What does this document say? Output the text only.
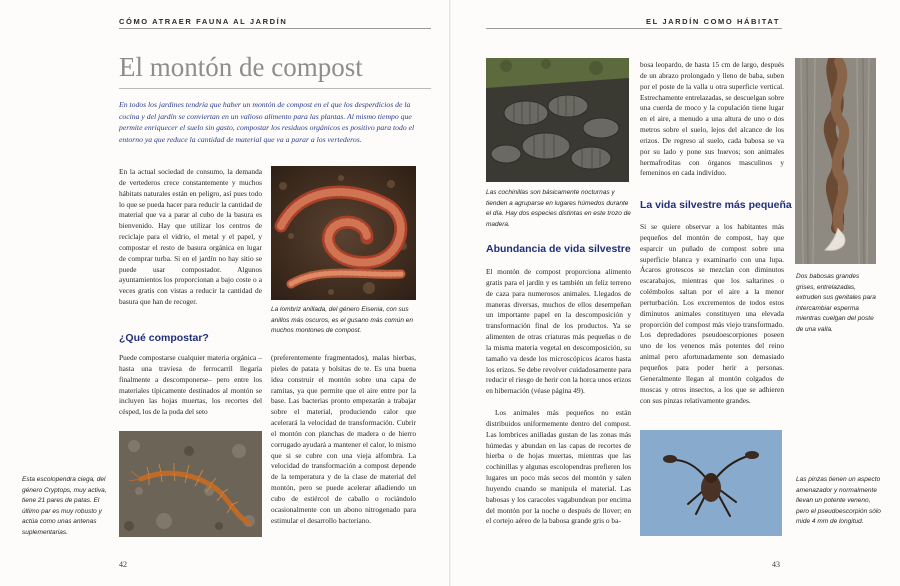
CÓMO ATRAER FAUNA AL JARDÍN	EL JARDÍN COMO HÁBITAT
El montón de compost

En todos los jardines tendría que haber un montón de compost en el que los desperdicios de la cocina y del jardín se conviertan en un valioso alimento para las plantas. Al mismo tiempo que permite enriquecer el suelo sin gasto, compostar los residuos orgánicos es positivo para todo el entorno ya que reduce la cantidad de material que va a parar a los vertederos.

En la actual sociedad de consumo, la demanda de vertederos crece constantemente y muchos hábitats naturales están en peligro, así pues todo lo que se pueda hacer para reducir la cantidad de material que va a parar al cubo de la basura es bienvenido. Hay que utilizar los centros de reciclaje para el vidrio, el metal y el papel, y compostar el resto de basura orgánica en lugar de comprar turba. Si en el jardín no hay sitio se puede usar compostador. Algunos ayuntamientos los proporcionan a bajo coste o a veces gratis con vistas a reducir la cantidad de basura que han de recoger.

¿Qué compostar?

Puede compostarse cualquier materia orgánica –hasta una traviesa de ferrocarril llegaría finalmente a descomponerse– pero entre los materiales típicamente destinados al montón se incluyen las hojas muertas, los recortes del césped, los de la poda del seto

(preferentemente fragmentados), malas hierbas, pieles de patata y bolsitas de te. Es una buena idea construir el montón sobre una capa de ramitas, ya que permite que el aire entre por la base. Las bacterias pronto empezarán a trabajar sobre el material, produciendo calor que acelerará la velocidad de transformación. Cubrir el montón con planchas de madera o de hierro corrugado ayudará a mantener el calor, lo mismo que si se cubre con una vieja alfombra. La velocidad de transformación a compost depende de la temperatura y de la clase de material del montón, pero se puede acelerar añadiendo un cubo de estiércol de caballo o rociándolo ocasionalmente con un abono nitrogenado para estimular el desarrollo bacteriano.

La lombriz anillada, del género Eisenia, con sus anillos más oscuros, es el gusano más común en muchos montones de compost.

Esta escolopendra ciega, del género Cryptops, muy activa, tiene 21 pares de patas. El último par es muy robusto y actúa como unas antenas suplementarias.

42

Las cochinillas son básicamente nocturnas y tienden a agruparse en lugares húmedos durante el día. Hay dos especies distintas en este trozo de madera.

Abundancia de vida silvestre

El montón de compost proporciona alimento gratis para el jardín y es también un feliz terreno de caza para numerosos animales. Llegados de maneras diversas, muchos de ellos desempeñan un importante papel en la descomposición y transformación final de los productos. Ya se alimenten de otras criaturas más pequeñas o de la misma materia vegetal en descomposición, su tamaño va desde los microscópicos ácaros hasta los erizos. Se debe revolver cuidadosamente para reducir el riesgo de herir con la horca unos erizos en hibernación (véase página 49).

Los animales más pequeños no están distribuidos uniformemente dentro del compost. Las lombrices anilladas gustan de las zonas más húmedas y abundan en las capas de recortes de hierba o de hojas muertas, mientras que las cochinillas y algunas escolopendras prefieren los lugares un poco más secos del montón y salen huyendo cuando se manipula el material. Las babosas y los caracoles vagabundean por encima del montón por la noche o después de llover; en el cortejo aéreo de la babosa grande gris o ba-

bosa leopardo, de hasta 15 cm de largo, después de un abrazo prolongado y lleno de baba, suben por el poste de la valla u otra superficie vertical. Estrechamente entrelazadas, se descuelgan sobre una cuerda de moco y la copulación tiene lugar en el aire, a menudo a una altura de uno o dos metros sobre el suelo, lejos del alcance de los erizos. De regreso al suelo, cada babosa se va por su lado y pone sus huevos; son animales hermafroditas con órganos masculinos y femeninos en cada individuo.

La vida silvestre más pequeña

Si se quiere observar a los habitantes más pequeños del montón de compost, hay que esparcir un puñado de compost sobre una superficie blanca y examinarlo con una lupa. Ácaros grotescos se mezclan con diminutos escarabajos, mientras que los saltarines o colémbolos saltan por el aire a la menor perturbación. Los excrementos de todos estos diminutos animales constituyen una elevada proporción del compost más viejo transformado. Los depredadores pseudoescorpiones poseen uno de los venenos más potentes del reino animal pero afortunadamente son demasiado pequeños para poder herir a personas. Generalmente llegan al montón colgados de moscas y otros insectos, a los que se adhieren con sus pinzas relativamente grandes.

Dos babosas grandes grises, entrelazadas, extruden sus genitales para intercambiar esperma mientras cuelgan del poste de una valla.

Las pinzas tienen un aspecto amenazador y normalmente llevan un potente veneno, pero el pseudoescorpión sólo mide 4 mm de longitud.

43
